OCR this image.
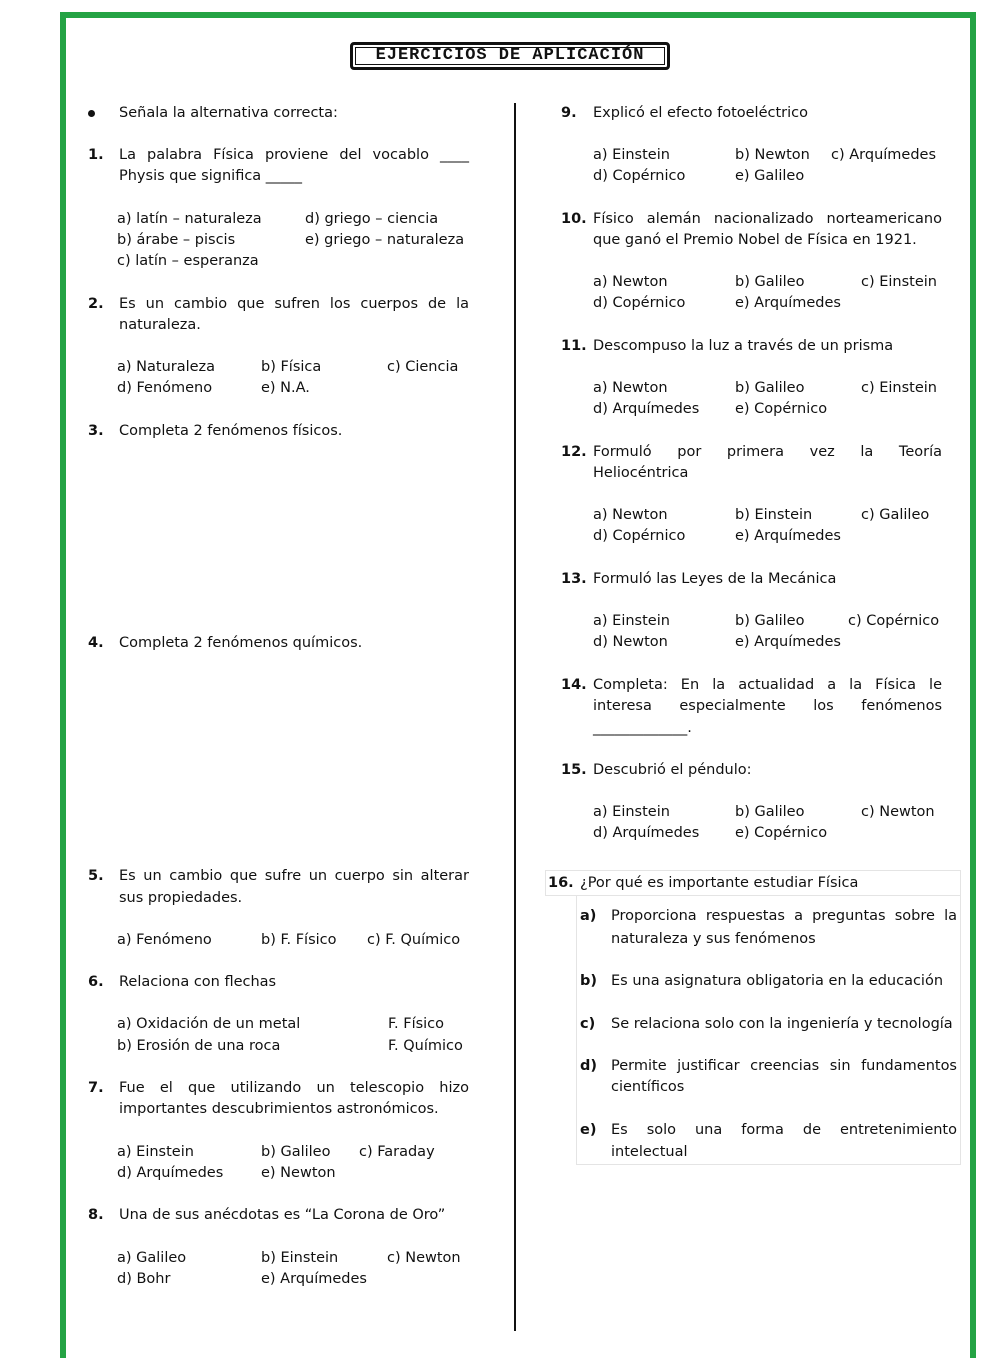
EJERCICIOS DE APLICACIÓN
Señala la alternativa correcta:
1. La palabra Física proviene del vocablo ____
Physis que significa _____
a) latín – naturaleza	d) griego – ciencia
b) árabe – piscis	e) griego – naturaleza
c) latín – esperanza
2. Es un cambio que sufren los cuerpos de la
naturaleza.
a) Naturaleza	b) Física	c) Ciencia
d) Fenómeno	e) N.A.
3. Completa 2 fenómenos físicos.
4. Completa 2 fenómenos químicos.
5. Es un cambio que sufre un cuerpo sin alterar
sus propiedades.
a) Fenómeno	b) F. Físico c) F. Químico
6. Relaciona con flechas
a) Oxidación de un metal	F. Físico
b) Erosión de una roca	F. Químico
7. Fue el que utilizando un telescopio hizo
importantes descubrimientos astronómicos.
a) Einstein	b) Galileo c) Faraday
d) Arquímedes	e) Newton
8. Una de sus anécdotas es “La Corona de Oro”
a) Galileo	b) Einstein	c) Newton
d) Bohr	e) Arquímedes
9. Explicó el efecto fotoeléctrico
a) Einstein	b) Newton c) Arquímedes
d) Copérnico	e) Galileo
10. Físico alemán nacionalizado norteamericano
que ganó el Premio Nobel de Física en 1921.
a) Newton	b) Galileo	c) Einstein
d) Copérnico	e) Arquímedes
11. Descompuso la luz a través de un prisma
a) Newton	b) Galileo	c) Einstein
d) Arquímedes e) Copérnico
12. Formuló por primera vez la Teoría
Heliocéntrica
a) Newton	b) Einstein	c) Galileo
d) Copérnico	e) Arquímedes
13. Formuló las Leyes de la Mecánica
a) Einstein	b) Galileo	c) Copérnico
d) Newton	e) Arquímedes
14. Completa: En la actualidad a la Física le
interesa especialmente los fenómenos
_____________.
15. Descubrió el péndulo:
a) Einstein	b) Galileo	c) Newton
d) Arquímedes e) Copérnico
16. ¿Por qué es importante estudiar Física
a) Proporciona respuestas a preguntas sobre la
naturaleza y sus fenómenos
b) Es una asignatura obligatoria en la educación
c) Se relaciona solo con la ingeniería y tecnología
d) Permite justificar creencias sin fundamentos
científicos
e) Es solo una forma de entretenimiento
intelectual
